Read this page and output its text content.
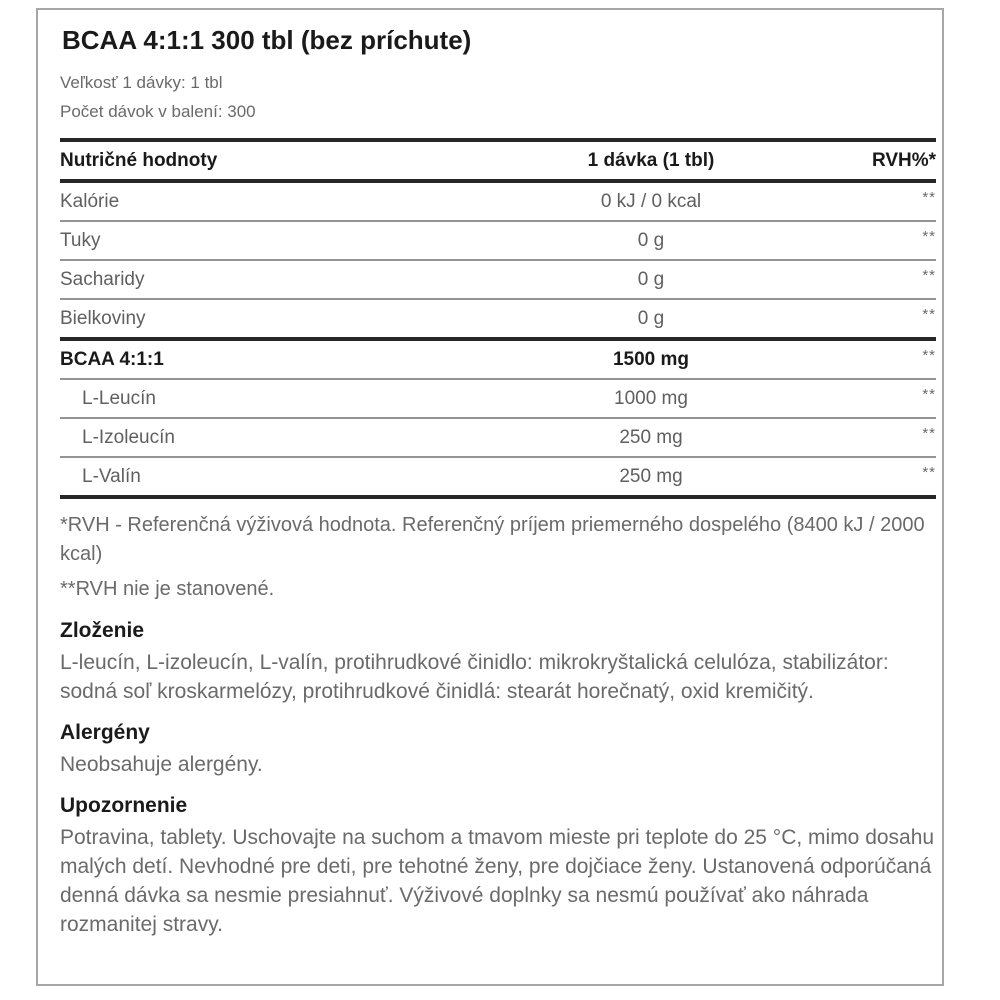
BCAA 4:1:1 300 tbl (bez príchute)
Veľkosť 1 dávky: 1 tbl
Počet dávok v balení: 300
Nutričné hodnoty	1 dávka (1 tbl)	RVH%*
Kalórie	0 kJ / 0 kcal	**
Tuky	0 g	**
Sacharidy	0 g	**
Bielkoviny	0 g	**
BCAA 4:1:1	1500 mg	**
L-Leucín	1000 mg	**
L-Izoleucín	250 mg	**
L-Valín	250 mg	**

*RVH - Referenčná výživová hodnota. Referenčný príjem priemerného dospelého (8400 kJ / 2000 kcal)

**RVH nie je stanovené.

Zloženie

L-leucín, L-izoleucín, L-valín, protihrudkové činidlo: mikrokryštalická celulóza, stabilizátor: sodná soľ kroskarmelózy, protihrudkové činidlá: stearát horečnatý, oxid kremičitý.

Alergény

Neobsahuje alergény.

Upozornenie

Potravina, tablety. Uschovajte na suchom a tmavom mieste pri teplote do 25 °C, mimo dosahu malých detí. Nevhodné pre deti, pre tehotné ženy, pre dojčiace ženy. Ustanovená odporúčaná denná dávka sa nesmie presiahnuť. Výživové doplnky sa nesmú používať ako náhrada rozmanitej stravy.
